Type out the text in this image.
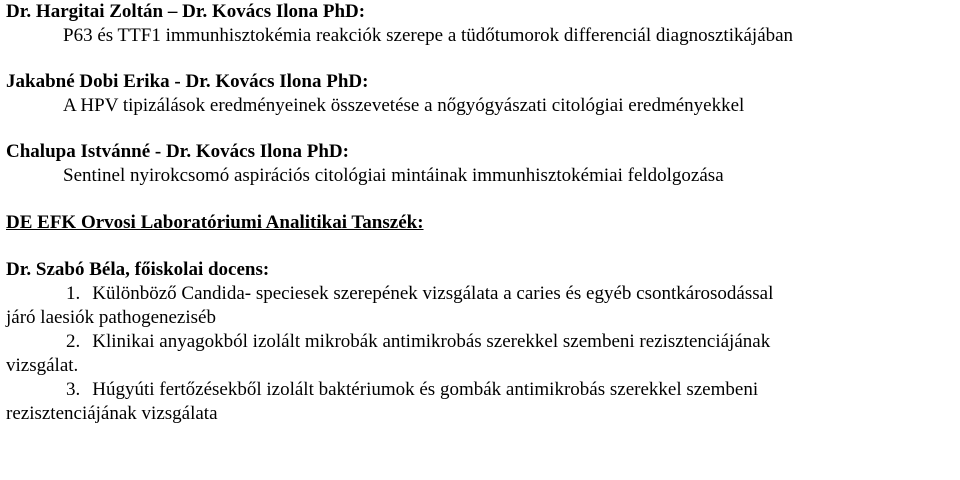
Dr. Hargitai Zoltán – Dr. Kovács Ilona PhD:
P63 és TTF1 immunhisztokémia reakciók szerepe a tüdőtumorok differenciál diagnosztikájában
Jakabné Dobi Erika - Dr. Kovács Ilona PhD:
A HPV tipizálások eredményeinek összevetése a nőgyógyászati citológiai eredményekkel
Chalupa Istvánné - Dr. Kovács Ilona PhD:
Sentinel nyirokcsomó aspirációs citológiai mintáinak immunhisztokémiai feldolgozása
DE EFK Orvosi Laboratóriumi Analitikai Tanszék:
Dr. Szabó Béla, főiskolai docens:
1. Különböző Candida- speciesek szerepének vizsgálata a caries és egyéb csontkárosodással
járó laesiók pathogeneziséb
2. Klinikai anyagokból izolált mikrobák antimikrobás szerekkel szembeni rezisztenciájának
vizsgálat.
3. Húgyúti fertőzésekből izolált baktériumok és gombák antimikrobás szerekkel szembeni
rezisztenciájának vizsgálata
